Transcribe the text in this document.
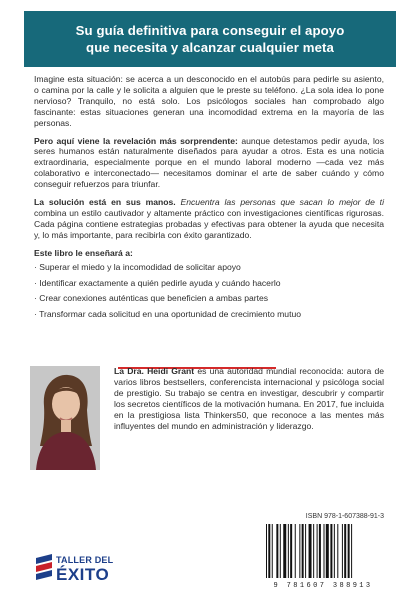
Su guía definitiva para conseguir el apoyo
que necesita y alcanzar cualquier meta

Imagine esta situación: se acerca a un desconocido en el autobús para pedirle su asiento, o camina por la calle y le solicita a alguien que le preste su teléfono. ¿La sola idea lo pone nervioso? Tranquilo, no está solo. Los psicólogos sociales han comprobado algo fascinante: estas situaciones generan una incomodidad extrema en la mayoría de las personas.

Pero aquí viene la revelación más sorprendente: aunque detestamos pedir ayuda, los seres humanos están naturalmente diseñados para ayudar a otros. Esta es una noticia extraordinaria, especialmente porque en el mundo laboral moderno —cada vez más colaborativo e interconectado— necesitamos dominar el arte de saber cuándo y cómo conseguir refuerzos para triunfar.

La solución está en sus manos. Encuentra las personas que sacan lo mejor de ti combina un estilo cautivador y altamente práctico con investigaciones científicas rigurosas. Cada página contiene estrategias probadas y efectivas para obtener la ayuda que necesita y, lo más importante, para recibirla con éxito garantizado.

Este libro le enseñará a:
· Superar el miedo y la incomodidad de solicitar apoyo
· Identificar exactamente a quién pedirle ayuda y cuándo hacerlo
· Crear conexiones auténticas que beneficien a ambas partes
· Transformar cada solicitud en una oportunidad de crecimiento mutuo
La Dra. Heidi Grant es una autoridad mundial reconocida: autora de varios libros bestsellers, conferencista internacional y psicóloga social de prestigio. Su trabajo se centra en investigar, descubrir y compartir los secretos científicos de la motivación humana. En 2017, fue incluida en la prestigiosa lista Thinkers50, que reconoce a las mentes más influyentes del mundo en administración y liderazgo.
ISBN 978-1-607388-91-3
9 781607 388913
TALLER DEL
ÉXITO
